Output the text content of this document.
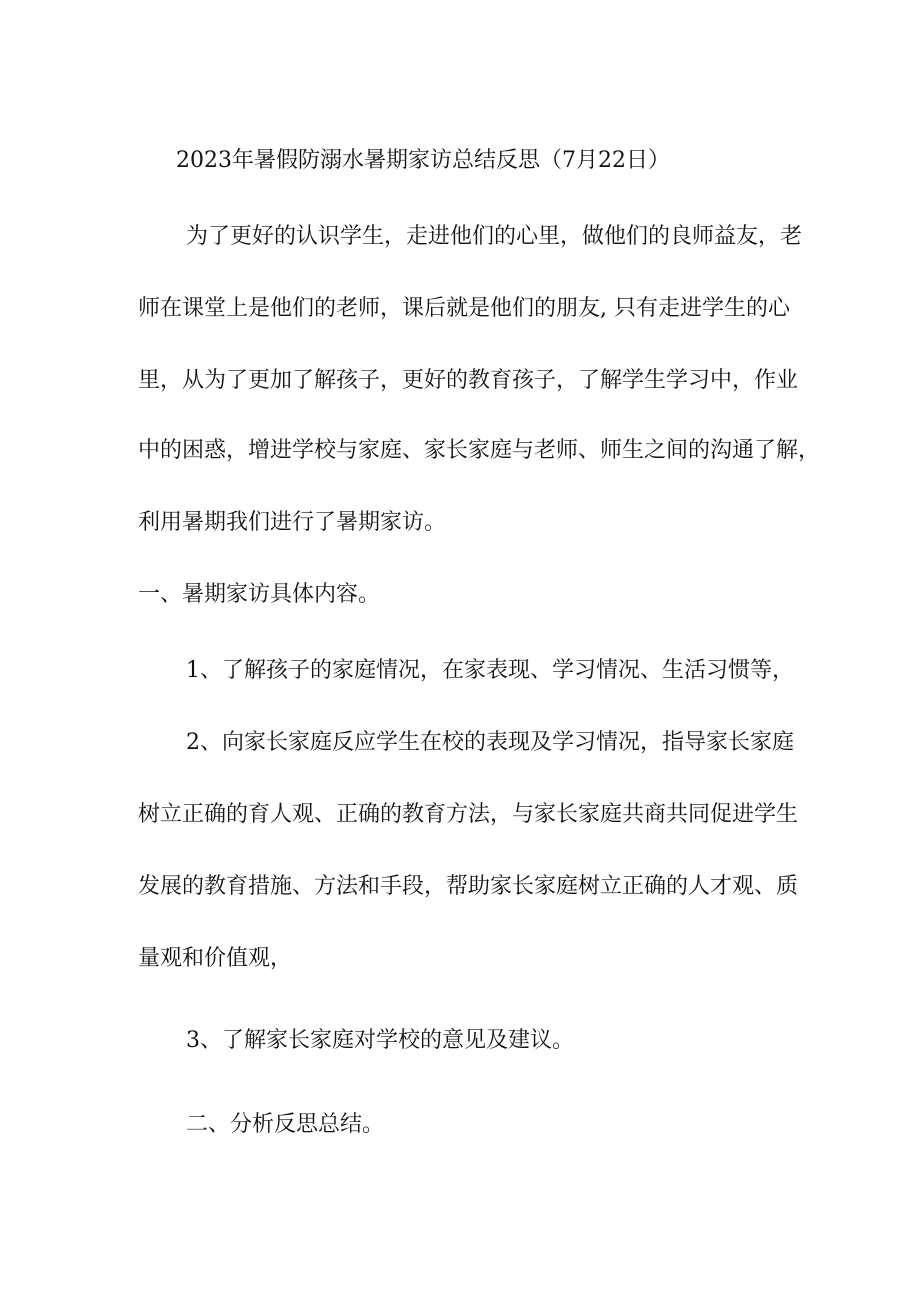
2023年暑假防溺水暑期家访总结反思（7月22日）
为了更好的认识学生，走进他们的心里，做他们的良师益友，老
师在课堂上是他们的老师，课后就是他们的朋友, 只有走进学生的心
里，从为了更加了解孩子，更好的教育孩子，了解学生学习中，作业
中的困惑，增进学校与家庭、家长家庭与老师、师生之间的沟通了解，
利用暑期我们进行了暑期家访。
一、暑期家访具体内容。
1、了解孩子的家庭情况，在家表现、学习情况、生活习惯等，
2、向家长家庭反应学生在校的表现及学习情况，指导家长家庭
树立正确的育人观、正确的教育方法，与家长家庭共商共同促进学生
发展的教育措施、方法和手段，帮助家长家庭树立正确的人才观、质
量观和价值观，
3、了解家长家庭对学校的意见及建议。
二、分析反思总结。
